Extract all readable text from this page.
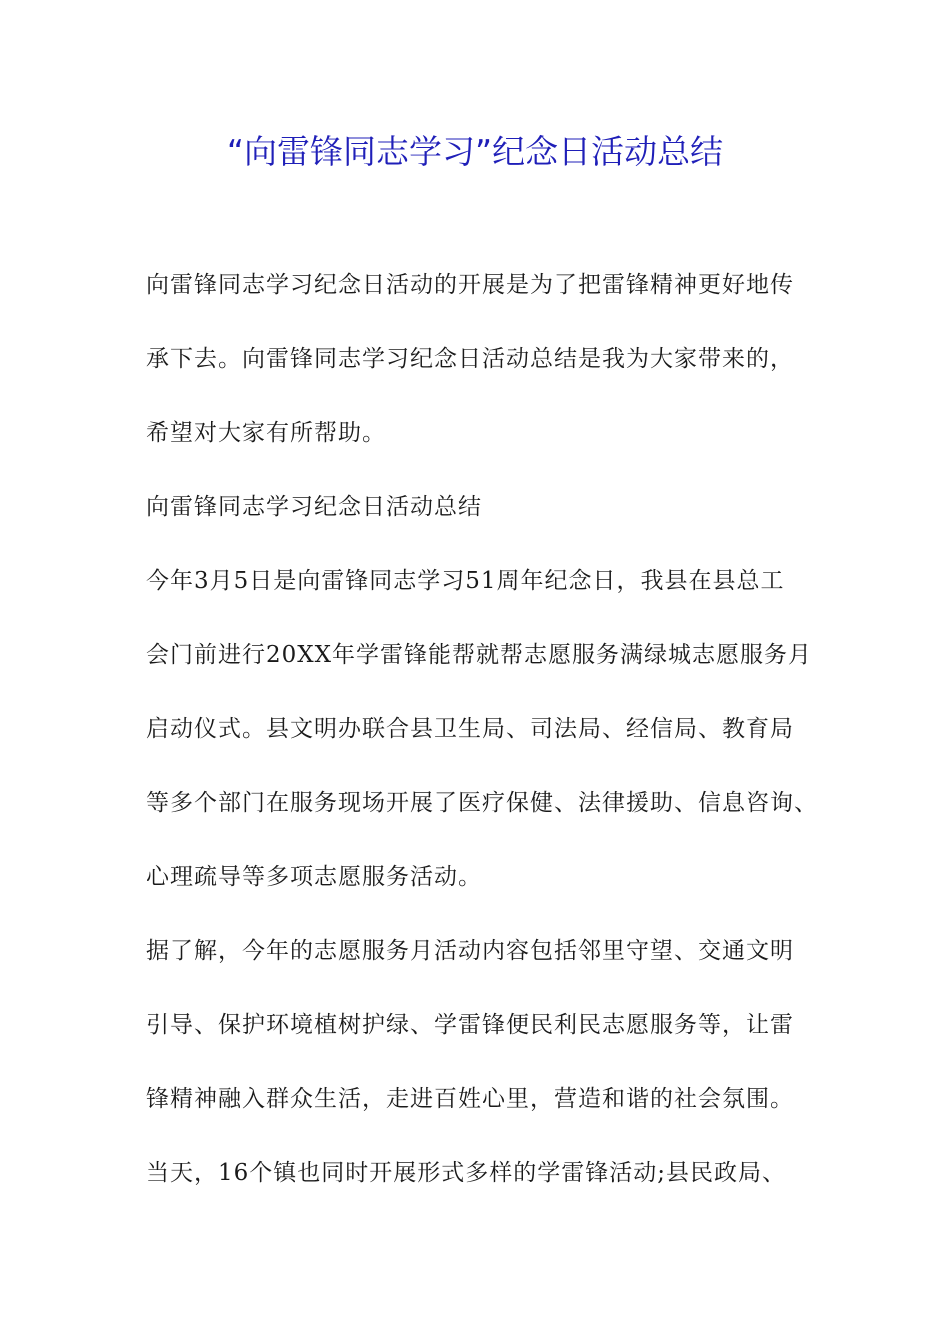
“向雷锋同志学习”纪念日活动总结

向雷锋同志学习纪念日活动的开展是为了把雷锋精神更好地传

承下去。向雷锋同志学习纪念日活动总结是我为大家带来的，

希望对大家有所帮助。

向雷锋同志学习纪念日活动总结

今年3月5日是向雷锋同志学习51周年纪念日，我县在县总工

会门前进行20XX年学雷锋能帮就帮志愿服务满绿城志愿服务月

启动仪式。县文明办联合县卫生局、司法局、经信局、教育局

等多个部门在服务现场开展了医疗保健、法律援助、信息咨询、

心理疏导等多项志愿服务活动。

据了解，今年的志愿服务月活动内容包括邻里守望、交通文明

引导、保护环境植树护绿、学雷锋便民利民志愿服务等，让雷

锋精神融入群众生活，走进百姓心里，营造和谐的社会氛围。

当天，16个镇也同时开展形式多样的学雷锋活动;县民政局、
